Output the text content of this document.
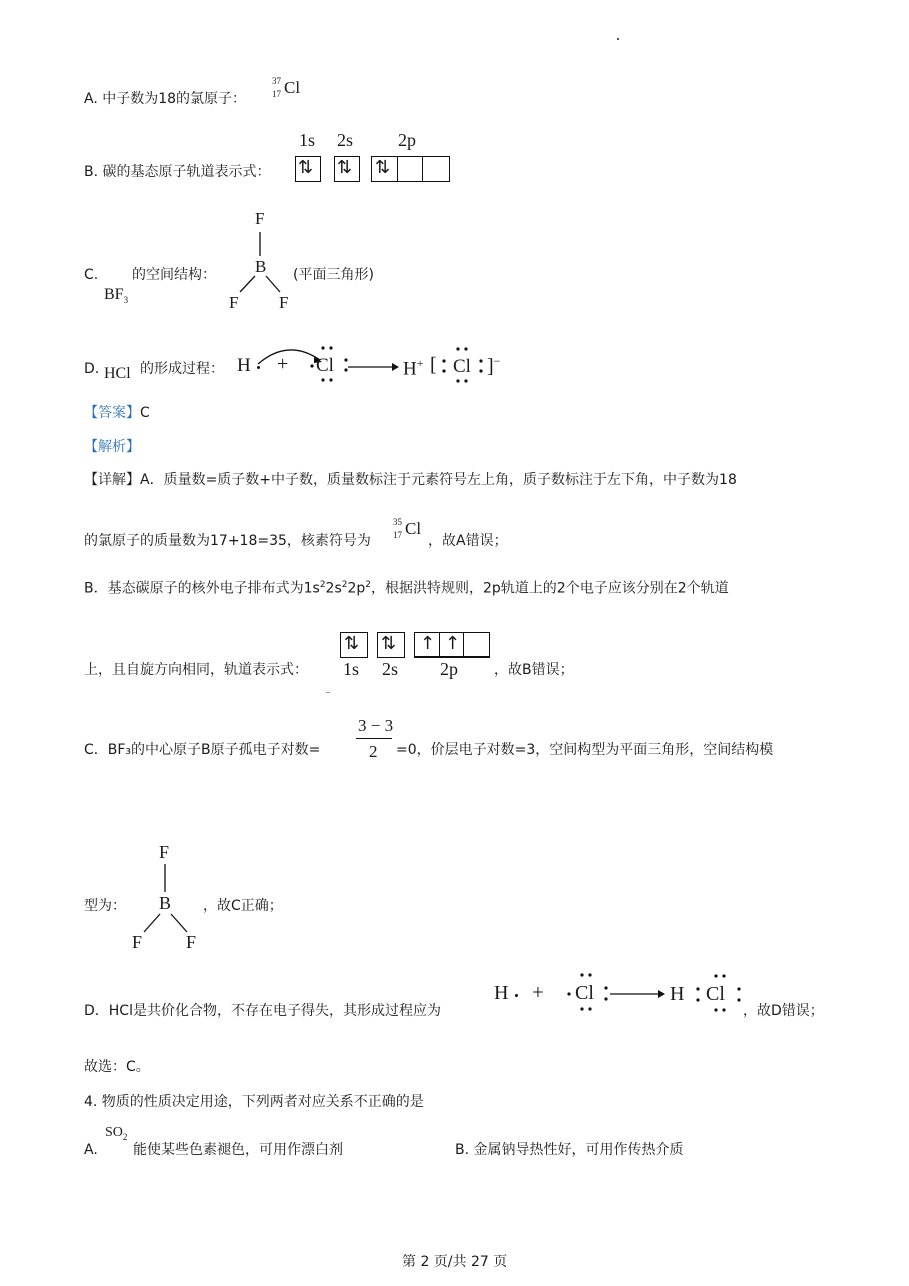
A. 中子数为18的氯原子：
37
17 Cl
B. 碳的基态原子轨道表示式：
1s 2s 2p
⇅ ⇅ ⇅
C. 的空间结构：
$BF_3$
F
B
F F
(平面三角形)
D. HCl 的形成过程： H + Cl → H+ [ Cl ]−
【答案】C
【解析】
【详解】A．质量数=质子数+中子数，质量数标注于元素符号左上角，质子数标注于左下角，中子数为18
的氯原子的质量数为17+18=35，核素符号为
35
17 Cl
，故A错误；
B．基态碳原子的核外电子排布式为$1s^22s^22p^2$，根据洪特规则，2p轨道上的2个电子应该分别在2个轨道
上，且自旋方向相同，轨道表示式：
⇅ ⇅ ↑ ↑
1s 2s 2p	，故B错误；
C．BF₃的中心原子B原子孤电子对数=
3 − 3
2 =0，价层电子对数=3，空间构型为平面三角形，空间结构模
型为：
F
B
F F
，故C正确；
D．HCl是共价化合物，不存在电子得失，其形成过程应为
H + Cl → H Cl
，故D错误；
故选：C。
4. 物质的性质决定用途，下列两者对应关系不正确的是
A.
$SO_2$
能使某些色素褪色，可用作漂白剂	B. 金属钠导热性好，可用作传热介质
第 2 页/共 27 页
